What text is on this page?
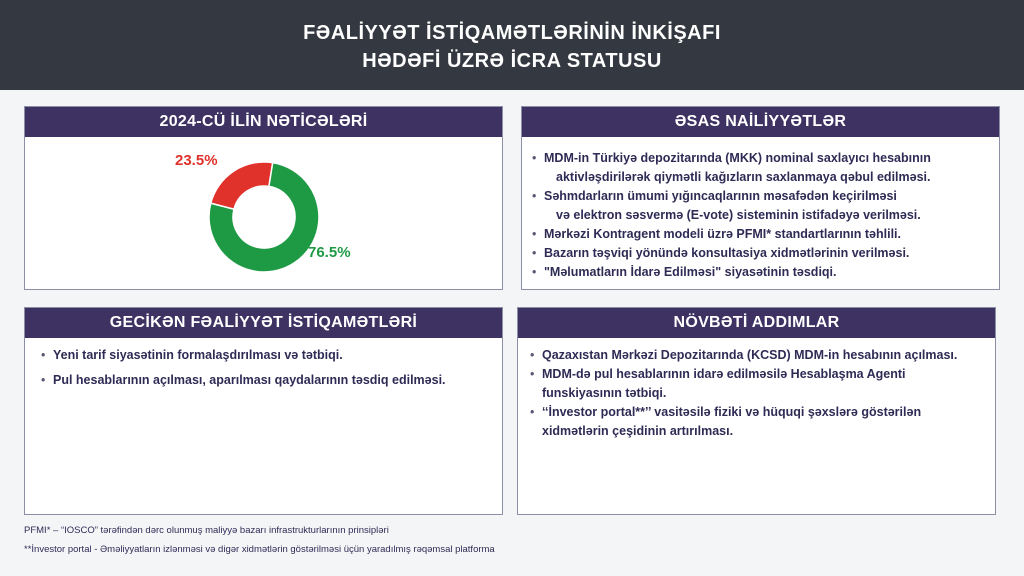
FƏALİYYƏT İSTİQAMƏTLƏRİNİN İNKİŞAFI
HƏDƏFİ ÜZRƏ İCRA STATUSU
2024-CÜ İLİN NƏTİCƏLƏRİ
23.5%
76.5%
ƏSAS NAİLİYYƏTLƏR
• MDM-in Türkiyə depozitarında (MKK) nominal saxlayıcı hesabının
aktivləşdirilərək qiymətli kağızların saxlanmaya qəbul edilməsi.
• Səhmdarların ümumi yığıncaqlarının məsafədən keçirilməsi
və elektron səsvermə (E-vote) sisteminin istifadəyə verilməsi.
• Mərkəzi Kontragent modeli üzrə PFMI* standartlarının təhlili.
• Bazarın təşviqi yönündə konsultasiya xidmətlərinin verilməsi.
• "Məlumatların İdarə Edilməsi" siyasətinin təsdiqi.
GECİKƏN FƏALİYYƏT İSTİQAMƏTLƏRİ
• Yeni tarif siyasətinin formalaşdırılması və tətbiqi.
• Pul hesablarının açılması, aparılması qaydalarının təsdiq edilməsi.
NÖVBƏTİ ADDIMLAR
• Qazaxıstan Mərkəzi Depozitarında (KCSD) MDM-in hesabının açılması.
• MDM-də pul hesablarının idarə edilməsilə Hesablaşma Agenti
funskiyasının tətbiqi.
• ‘‘İnvestor portal**’’ vasitəsilə fiziki və hüquqi şəxslərə göstərilən
xidmətlərin çeşidinin artırılması.
PFMI* – “IOSCO” tərəfindən dərc olunmuş maliyyə bazarı infrastrukturlarının prinsipləri
**İnvestor portal - Əməliyyatların izlənməsi və digər xidmətlərin göstərilməsi üçün yaradılmış rəqəmsal platforma
